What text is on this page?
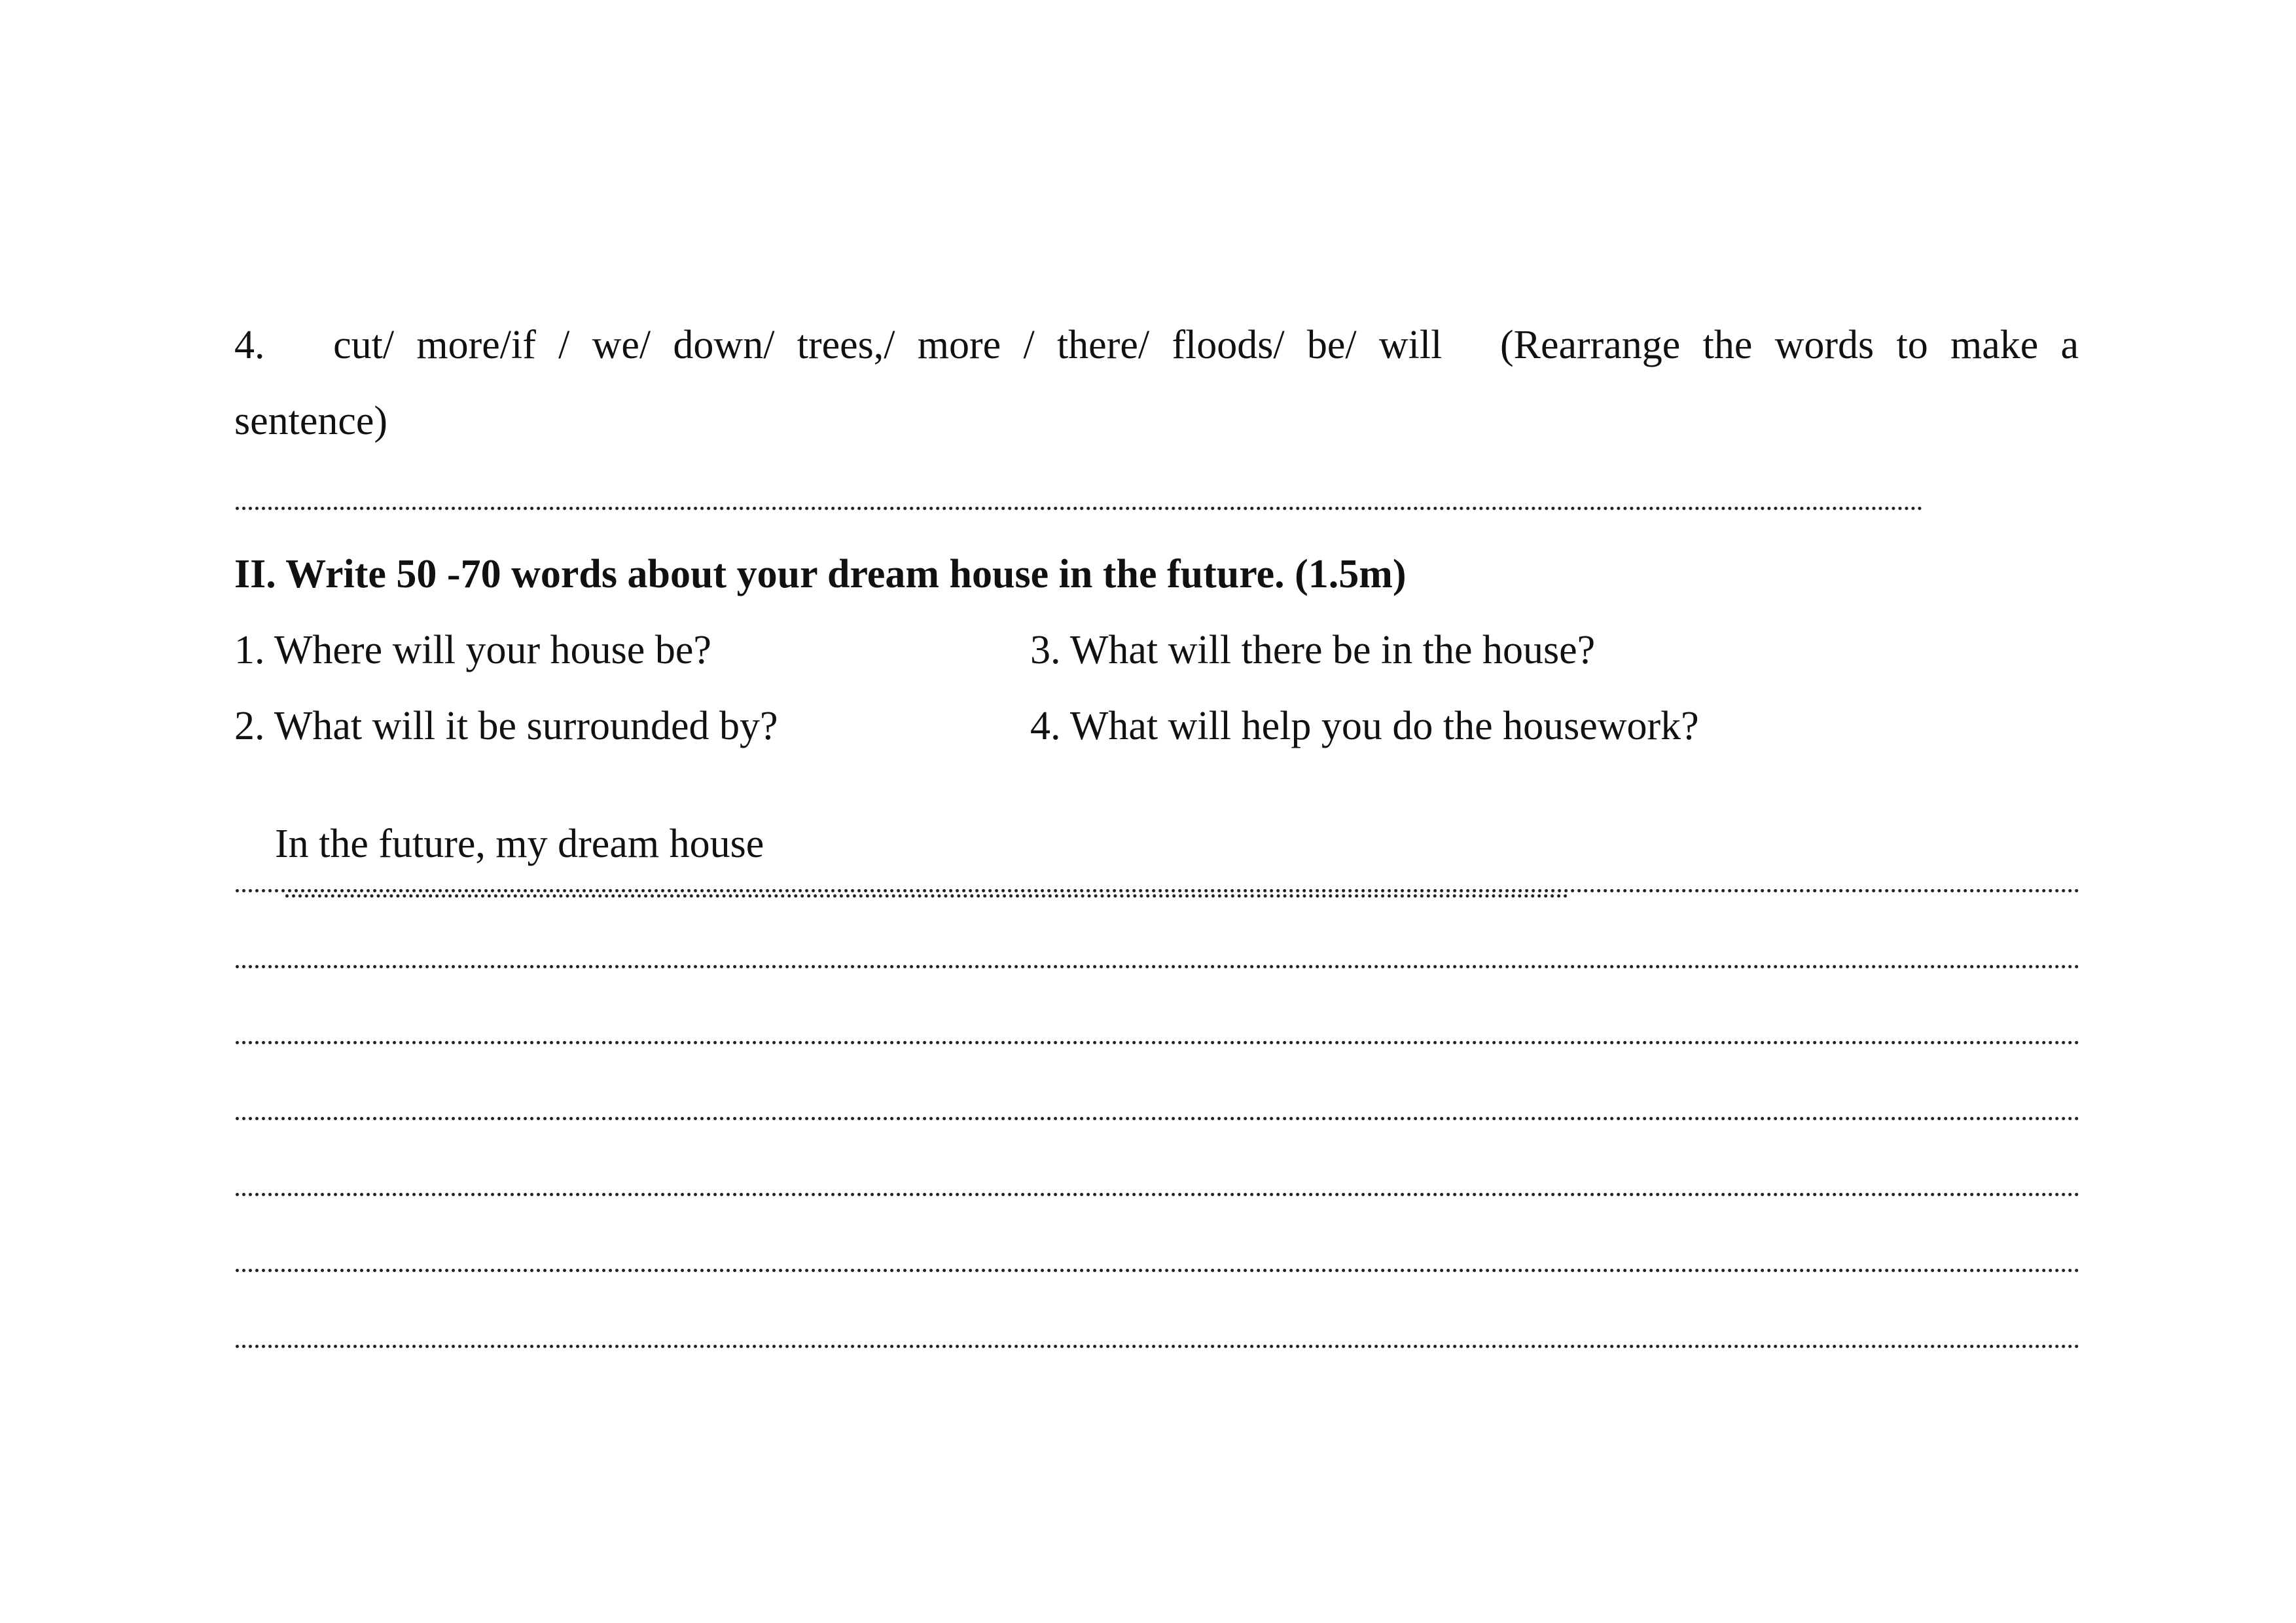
4. cut/ more/if / we/ down/ trees,/ more / there/ floods/ be/ will (Rearrange the words to make a
sentence)
II. Write 50 -70 words about your dream house in the future. (1.5m)
1. Where will your house be?	3. What will there be in the house?
2. What will it be surrounded by?	4. What will help you do the housework?

In the future, my dream house
